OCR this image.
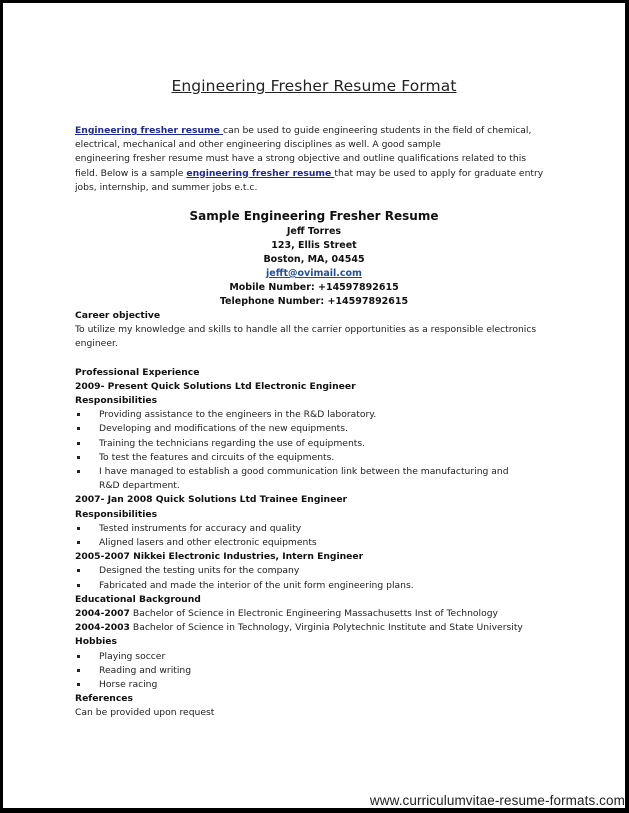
Engineering Fresher Resume Format
Engineering fresher resume can be used to guide engineering students in the field of chemical,
electrical, mechanical and other engineering disciplines as well. A good sample
engineering fresher resume must have a strong objective and outline qualifications related to this
field. Below is a sample engineering fresher resume that may be used to apply for graduate entry
jobs, internship, and summer jobs e.t.c.
Sample Engineering Fresher Resume
Jeff Torres
123, Ellis Street
Boston, MA, 04545
jefft@ovimail.com
Mobile Number: +14597892615
Telephone Number: +14597892615
Career objective
To utilize my knowledge and skills to handle all the carrier opportunities as a responsible electronics
engineer.
Professional Experience
2009- Present Quick Solutions Ltd Electronic Engineer
Responsibilities
Providing assistance to the engineers in the R&D laboratory.
Developing and modifications of the new equipments.
Training the technicians regarding the use of equipments.
To test the features and circuits of the equipments.
I have managed to establish a good communication link between the manufacturing and R&D department.
2007- Jan 2008 Quick Solutions Ltd Trainee Engineer
Responsibilities
Tested instruments for accuracy and quality
Aligned lasers and other electronic equipments
2005-2007 Nikkei Electronic Industries, Intern Engineer
Designed the testing units for the company
Fabricated and made the interior of the unit form engineering plans.
Educational Background
2004-2007 Bachelor of Science in Electronic Engineering Massachusetts Inst of Technology
2004-2003 Bachelor of Science in Technology, Virginia Polytechnic Institute and State University
Hobbies
Playing soccer
Reading and writing
Horse racing
References
Can be provided upon request
www.curriculumvitae-resume-formats.com
